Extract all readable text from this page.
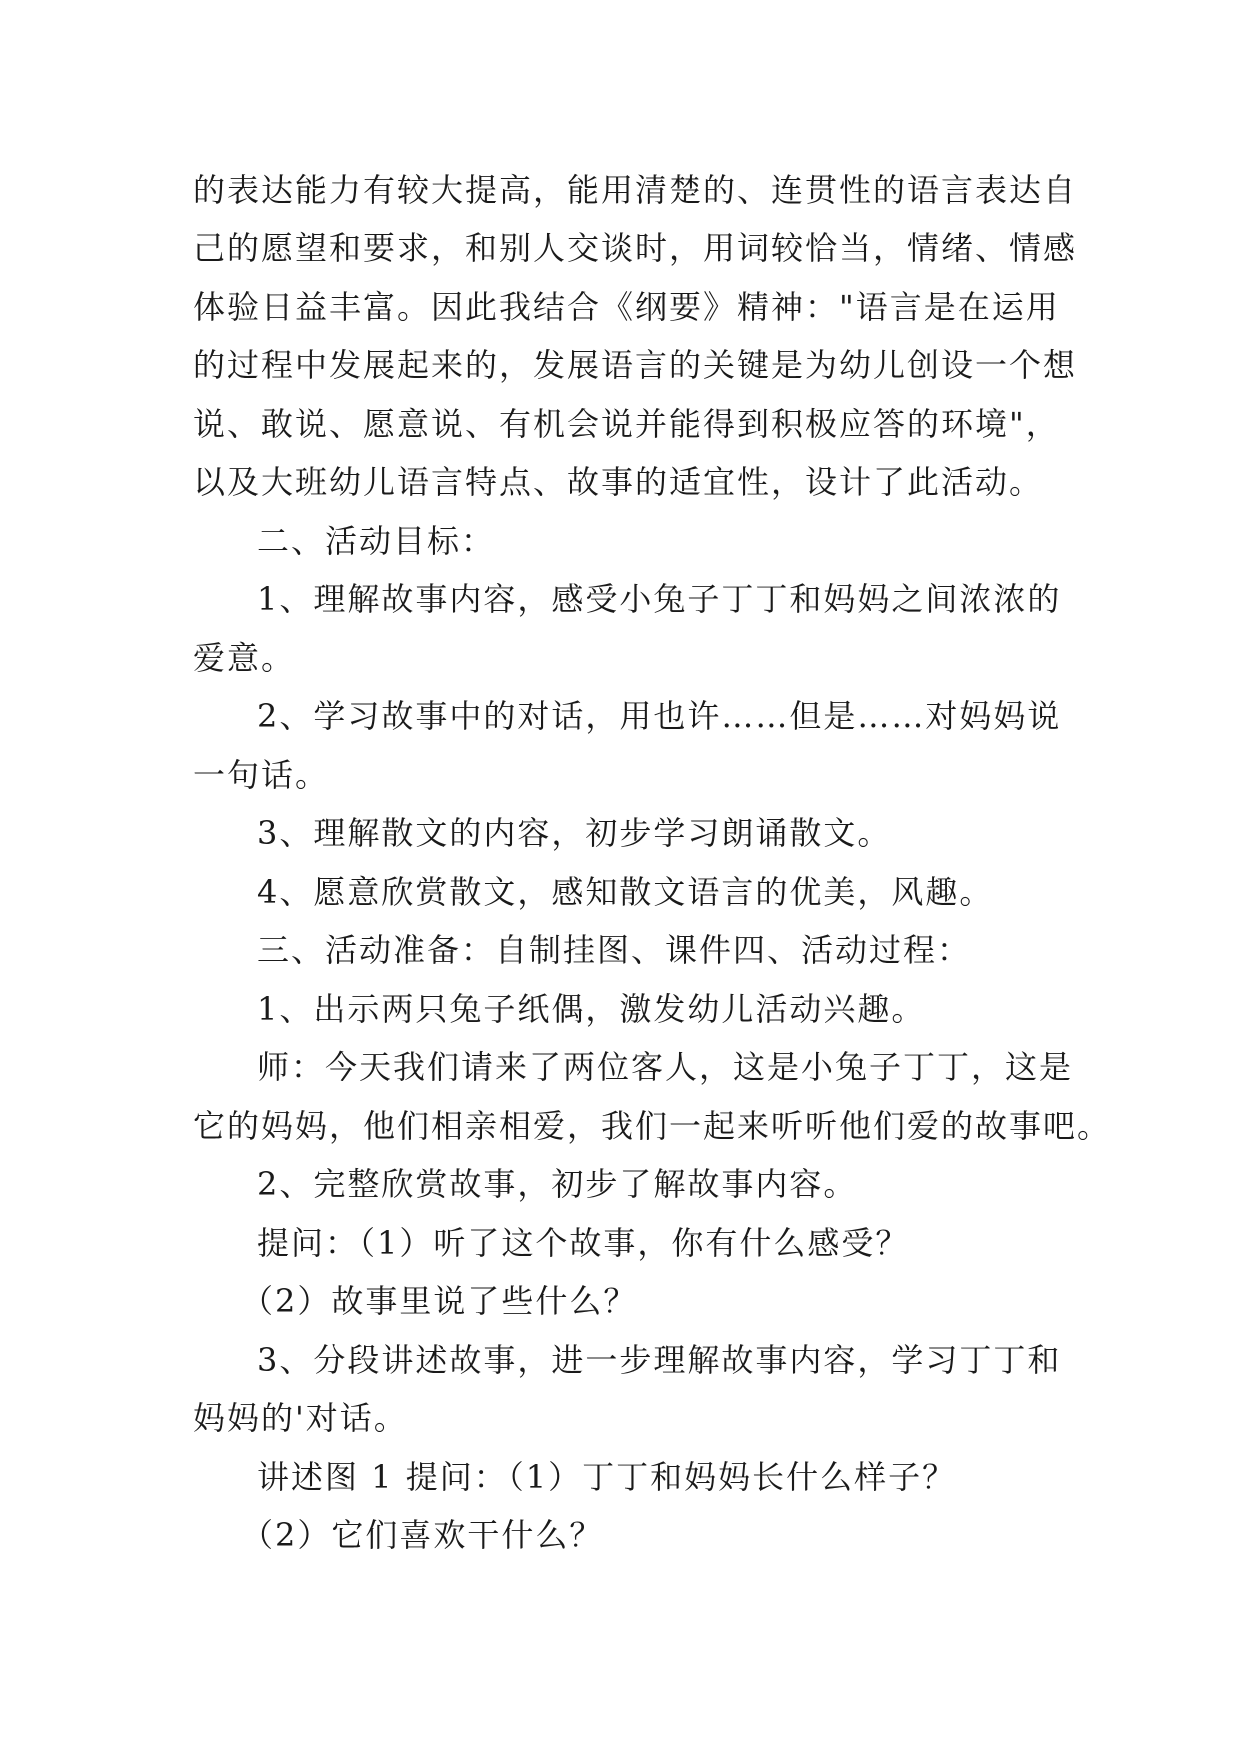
的表达能力有较大提高，能用清楚的、连贯性的语言表达自
己的愿望和要求，和别人交谈时，用词较恰当，情绪、情感
体验日益丰富。因此我结合《纲要》精神："语言是在运用
的过程中发展起来的，发展语言的关键是为幼儿创设一个想
说、敢说、愿意说、有机会说并能得到积极应答的环境"，
以及大班幼儿语言特点、故事的适宜性，设计了此活动。
二、活动目标：
1、理解故事内容，感受小兔子丁丁和妈妈之间浓浓的
爱意。
2、学习故事中的对话，用也许……但是……对妈妈说
一句话。
3、理解散文的内容，初步学习朗诵散文。
4、愿意欣赏散文，感知散文语言的优美，风趣。
三、活动准备：自制挂图、课件四、活动过程：
1、出示两只兔子纸偶，激发幼儿活动兴趣。
师：今天我们请来了两位客人，这是小兔子丁丁，这是
它的妈妈，他们相亲相爱，我们一起来听听他们爱的故事吧。
2、完整欣赏故事，初步了解故事内容。
提问：（1）听了这个故事，你有什么感受？
（2）故事里说了些什么？
3、分段讲述故事，进一步理解故事内容，学习丁丁和
妈妈的'对话。
讲述图 1 提问：（1）丁丁和妈妈长什么样子？
（2）它们喜欢干什么？
